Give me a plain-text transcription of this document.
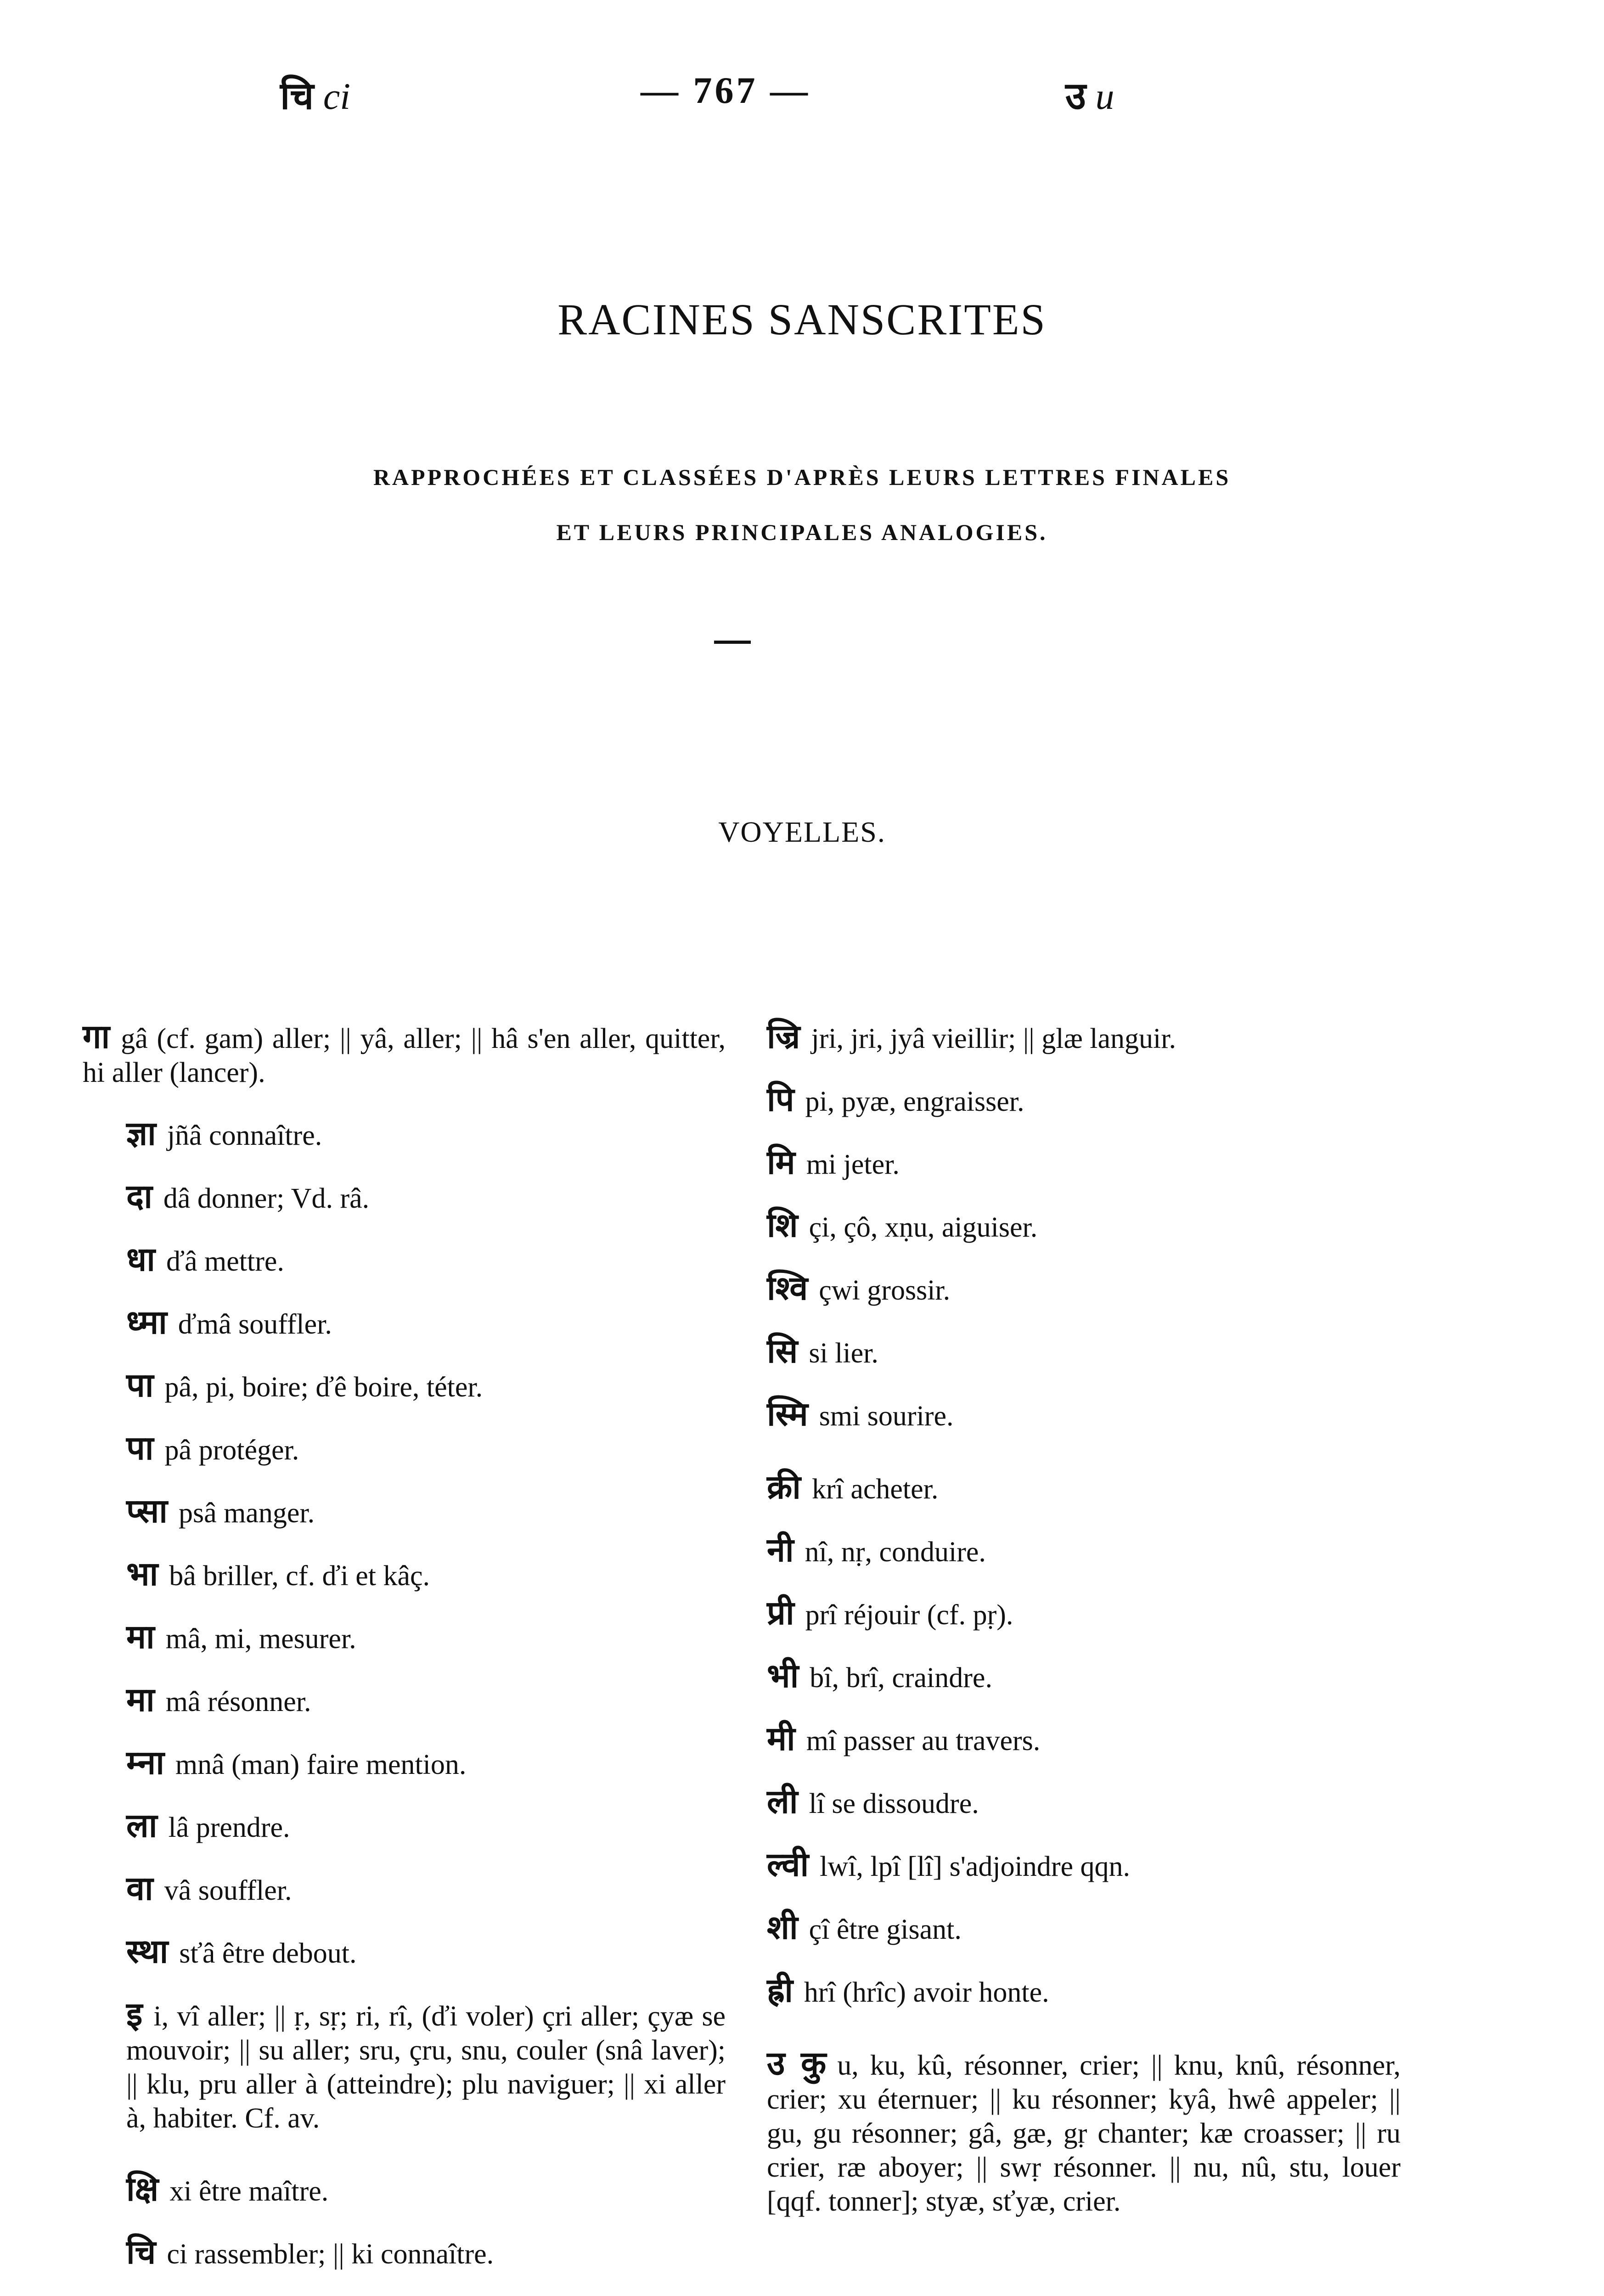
चि ci	— 767 —	उ u
RACINES SANSCRITES
RAPPROCHÉES ET CLASSÉES D'APRÈS LEURS LETTRES FINALES
ET LEURS PRINCIPALES ANALOGIES.
VOYELLES.
गा gâ (cf. gam) aller; || yâ, aller; || hâ s'en aller, quitter, hi aller (lancer).
ज्ञा jñâ connaître.
दा dâ donner; Vd. râ.
धा ďâ mettre.
ध्मा ďmâ souffler.
पा pâ, pi, boire; ďê boire, téter.
पा pâ protéger.
प्सा psâ manger.
भा bâ briller, cf. ďi et kâç.
मा mâ, mi, mesurer.
मा mâ résonner.
म्ना mnâ (man) faire mention.
ला lâ prendre.
वा vâ souffler.
स्था sťâ être debout.
इ i, vî aller; || ṛ, sṛ; ri, rî, (ďi voler) çri aller; çyæ se mouvoir; || su aller; sru, çru, snu, couler (snâ laver); || klu, pru aller à (atteindre); plu naviguer; || xi aller à, habiter. Cf. av.
क्षि xi être maître.
चि ci rassembler; || ki connaître.
ज्रि jri, jri, jyâ vieillir; || glæ languir.
पि pi, pyæ, engraisser.
मि mi jeter.
शि çi, çô, xṇu, aiguiser.
श्वि çwi grossir.
सि si lier.
स्मि smi sourire.
क्री krî acheter.
नी nî, nṛ, conduire.
प्री prî réjouir (cf. pṛ).
भी bî, brî, craindre.
मी mî passer au travers.
ली lî se dissoudre.
ल्वी lwî, lpî [lî] s'adjoindre qqn.
शी çî être gisant.
ह्री hrî (hrîc) avoir honte.
उ कु u, ku, kû, résonner, crier; || knu, knû, résonner, crier; xu éternuer; || ku résonner; kyâ, hwê appeler; || gu, gu résonner; gâ, gæ, gṛ chanter; kæ croasser; || ru crier, ræ aboyer; || swṛ résonner. || nu, nû, stu, louer [qqf. tonner]; styæ, sťyæ, crier.
